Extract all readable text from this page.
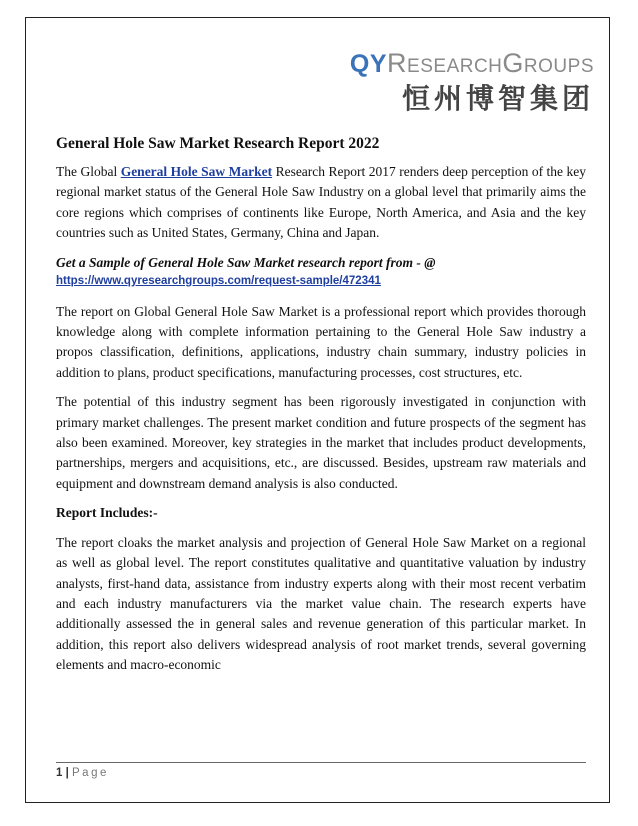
QYRESEARCHGROUPS
恒州博智集团
General Hole Saw Market Research Report 2022

The Global General Hole Saw Market Research Report 2017 renders deep perception of the key regional market status of the General Hole Saw Industry on a global level that primarily aims the core regions which comprises of continents like Europe, North America, and Asia and the key countries such as United States, Germany, China and Japan.

Get a Sample of General Hole Saw Market research report from - @
https://www.qyresearchgroups.com/request-sample/472341

The report on Global General Hole Saw Market is a professional report which provides thorough knowledge along with complete information pertaining to the General Hole Saw industry a propos classification, definitions, applications, industry chain summary, industry policies in addition to plans, product specifications, manufacturing processes, cost structures, etc.

The potential of this industry segment has been rigorously investigated in conjunction with primary market challenges. The present market condition and future prospects of the segment has also been examined. Moreover, key strategies in the market that includes product developments, partnerships, mergers and acquisitions, etc., are discussed. Besides, upstream raw materials and equipment and downstream demand analysis is also conducted.

Report Includes:-

The report cloaks the market analysis and projection of General Hole Saw Market on a regional as well as global level. The report constitutes qualitative and quantitative valuation by industry analysts, first-hand data, assistance from industry experts along with their most recent verbatim and each industry manufacturers via the market value chain. The research experts have additionally assessed the in general sales and revenue generation of this particular market. In addition, this report also delivers widespread analysis of root market trends, several governing elements and macro-economic

1 | Page
